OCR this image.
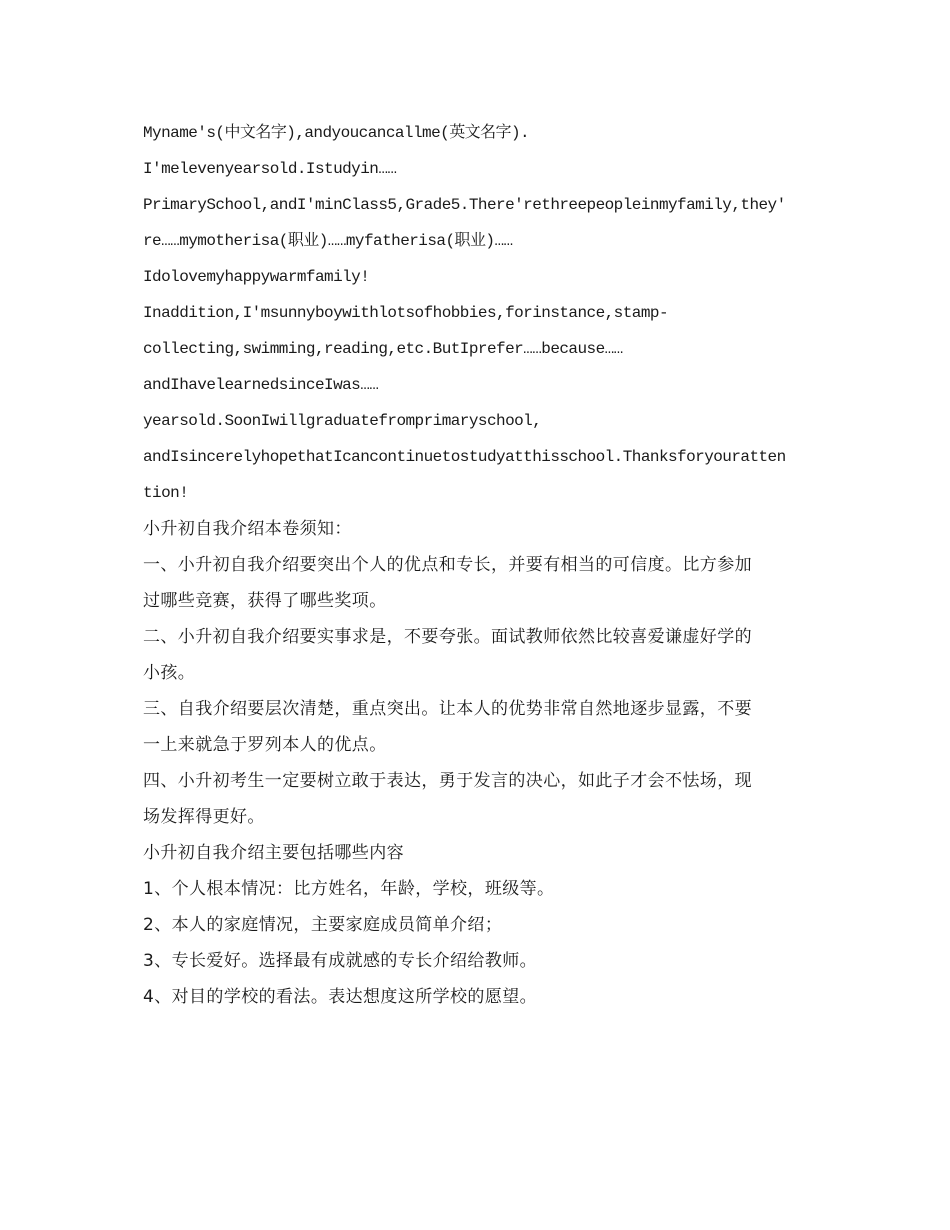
Myname's(中文名字),andyoucancallme(英文名字).
I'melevenyearsold.Istudyin……
PrimarySchool,andI'minClass5,Grade5.There'rethreepeopleinmyfamily,they'
re……mymotherisa(职业)……myfatherisa(职业)……
Idolovemyhappywarmfamily!
Inaddition,I'msunnyboywithlotsofhobbies,forinstance,stamp-
collecting,swimming,reading,etc.ButIprefer……because……
andIhavelearnedsinceIwas……
yearsold.SoonIwillgraduatefromprimaryschool,
andIsincerelyhopethatIcancontinuetostudyatthisschool.Thanksforyouratten
tion!
小升初自我介绍本卷须知：
一、小升初自我介绍要突出个人的优点和专长，并要有相当的可信度。比方参加
过哪些竞赛，获得了哪些奖项。
二、小升初自我介绍要实事求是，不要夸张。面试教师依然比较喜爱谦虚好学的
小孩。
三、自我介绍要层次清楚，重点突出。让本人的优势非常自然地逐步显露，不要
一上来就急于罗列本人的优点。
四、小升初考生一定要树立敢于表达，勇于发言的决心，如此子才会不怯场，现
场发挥得更好。
小升初自我介绍主要包括哪些内容
1、个人根本情况：比方姓名，年龄，学校，班级等。
2、本人的家庭情况，主要家庭成员简单介绍；
3、专长爱好。选择最有成就感的专长介绍给教师。
4、对目的学校的看法。表达想度这所学校的愿望。
